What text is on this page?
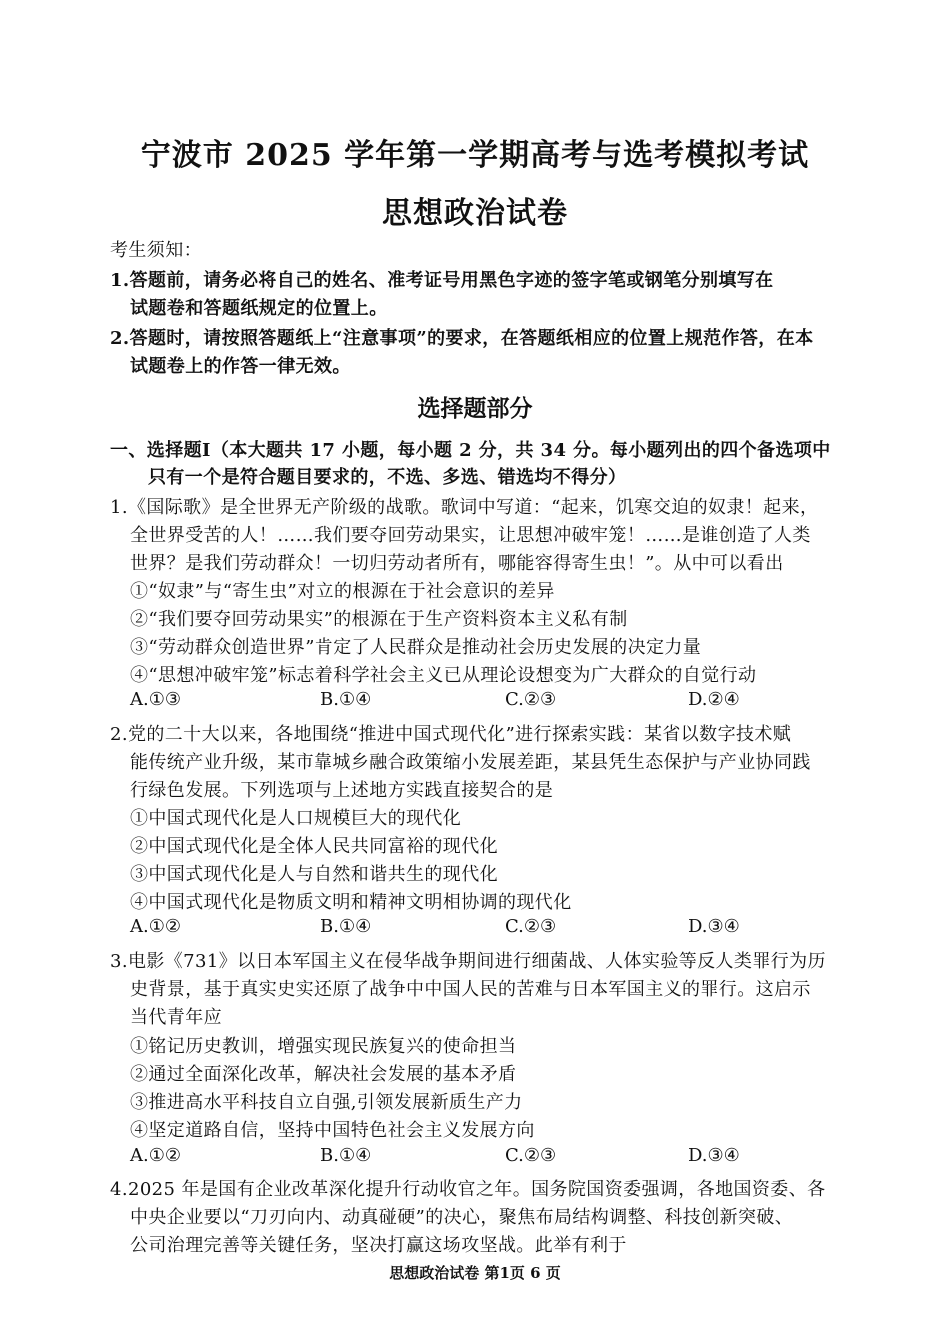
宁波市 2025 学年第一学期高考与选考模拟考试
思想政治试卷
考生须知：
1.答题前，请务必将自己的姓名、准考证号用黑色字迹的签字笔或钢笔分别填写在
试题卷和答题纸规定的位置上。
2.答题时，请按照答题纸上“注意事项”的要求，在答题纸相应的位置上规范作答，在本
试题卷上的作答一律无效。
选择题部分
一、选择题Ⅰ（本大题共 17 小题，每小题 2 分，共 34 分。每小题列出的四个备选项中
只有一个是符合题目要求的，不选、多选、错选均不得分）
1.《国际歌》是全世界无产阶级的战歌。歌词中写道：“起来，饥寒交迫的奴隶！起来，
全世界受苦的人！……我们要夺回劳动果实，让思想冲破牢笼！……是谁创造了人类
世界？是我们劳动群众！一切归劳动者所有，哪能容得寄生虫！”。从中可以看出
①“奴隶”与“寄生虫”对立的根源在于社会意识的差异
②“我们要夺回劳动果实”的根源在于生产资料资本主义私有制
③“劳动群众创造世界”肯定了人民群众是推动社会历史发展的决定力量
④“思想冲破牢笼”标志着科学社会主义已从理论设想变为广大群众的自觉行动
A.①③	B.①④	C.②③	D.②④
2.党的二十大以来，各地围绕“推进中国式现代化”进行探索实践：某省以数字技术赋
能传统产业升级，某市靠城乡融合政策缩小发展差距，某县凭生态保护与产业协同践
行绿色发展。下列选项与上述地方实践直接契合的是
①中国式现代化是人口规模巨大的现代化
②中国式现代化是全体人民共同富裕的现代化
③中国式现代化是人与自然和谐共生的现代化
④中国式现代化是物质文明和精神文明相协调的现代化
A.①②	B.①④	C.②③	D.③④
3.电影《731》以日本军国主义在侵华战争期间进行细菌战、人体实验等反人类罪行为历
史背景，基于真实史实还原了战争中中国人民的苦难与日本军国主义的罪行。这启示
当代青年应
①铭记历史教训，增强实现民族复兴的使命担当
②通过全面深化改革，解决社会发展的基本矛盾
③推进高水平科技自立自强,引领发展新质生产力
④坚定道路自信，坚持中国特色社会主义发展方向
A.①②	B.①④	C.②③	D.③④
4.2025 年是国有企业改革深化提升行动收官之年。国务院国资委强调，各地国资委、各
中央企业要以“刀刃向内、动真碰硬”的决心，聚焦布局结构调整、科技创新突破、
公司治理完善等关键任务，坚决打赢这场攻坚战。此举有利于
思想政治试卷 第1页 6 页
